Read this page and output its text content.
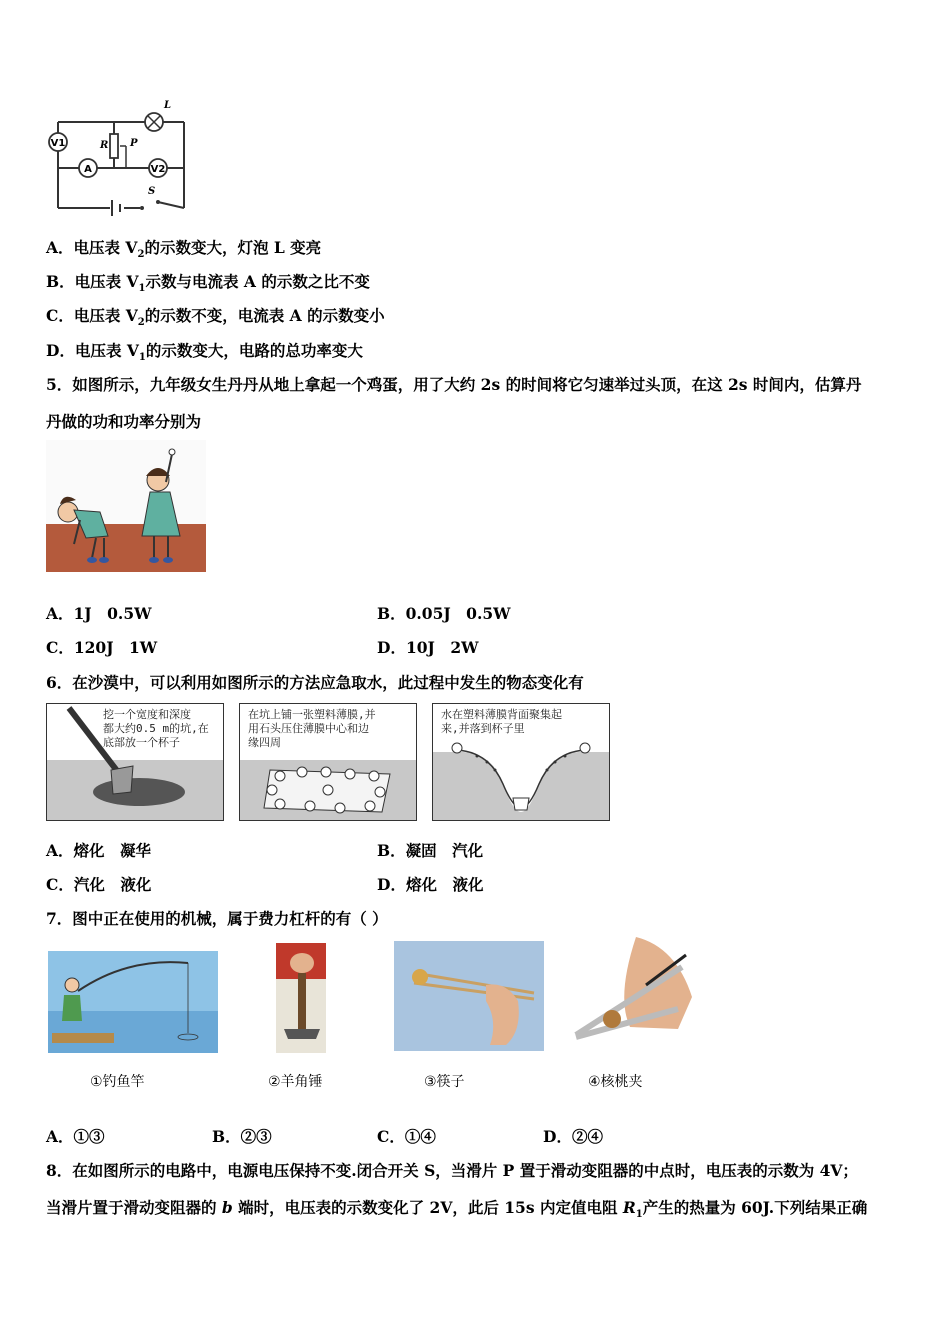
V1
A
R P
V2
L
S
A．电压表 $V_2$的示数变大，灯泡 L 变亮
B．电压表 $V_1$示数与电流表 A 的示数之比不变
C．电压表 $V_2$的示数不变，电流表 A 的示数变小
D．电压表 $V_1$的示数变大，电路的总功率变大
5．如图所示，九年级女生丹丹从地上拿起一个鸡蛋，用了大约 2s 的时间将它匀速举过头顶，在这 2s 时间内，估算丹
丹做的功和功率分别为
A．1J　0.5W	B．0.05J　0.5W
C．120J　1W	D．10J　2W
6．在沙漠中，可以利用如图所示的方法应急取水，此过程中发生的物态变化有
挖一个宽度和深度
都大约0.5 m的坑,在
底部放一个杯子
在坑上铺一张塑料薄膜,并
用石头压住薄膜中心和边
缘四周
水在塑料薄膜背面聚集起
来,并落到杯子里
A．熔化　凝华	B．凝固　汽化
C．汽化　液化	D．熔化　液化
7．图中正在使用的机械，属于费力杠杆的有（ ）
①钓鱼竿	②羊角锤	③筷子	④核桃夹
A．①③	B．②③	C．①④	D．②④
8．在如图所示的电路中，电源电压保持不变.闭合开关 S，当滑片 P 置于滑动变阻器的中点时，电压表的示数为 4V；
当滑片置于滑动变阻器的 b 端时，电压表的示数变化了 2V，此后 15s 内定值电阻 $R_1$产生的热量为 60J.下列结果正确
